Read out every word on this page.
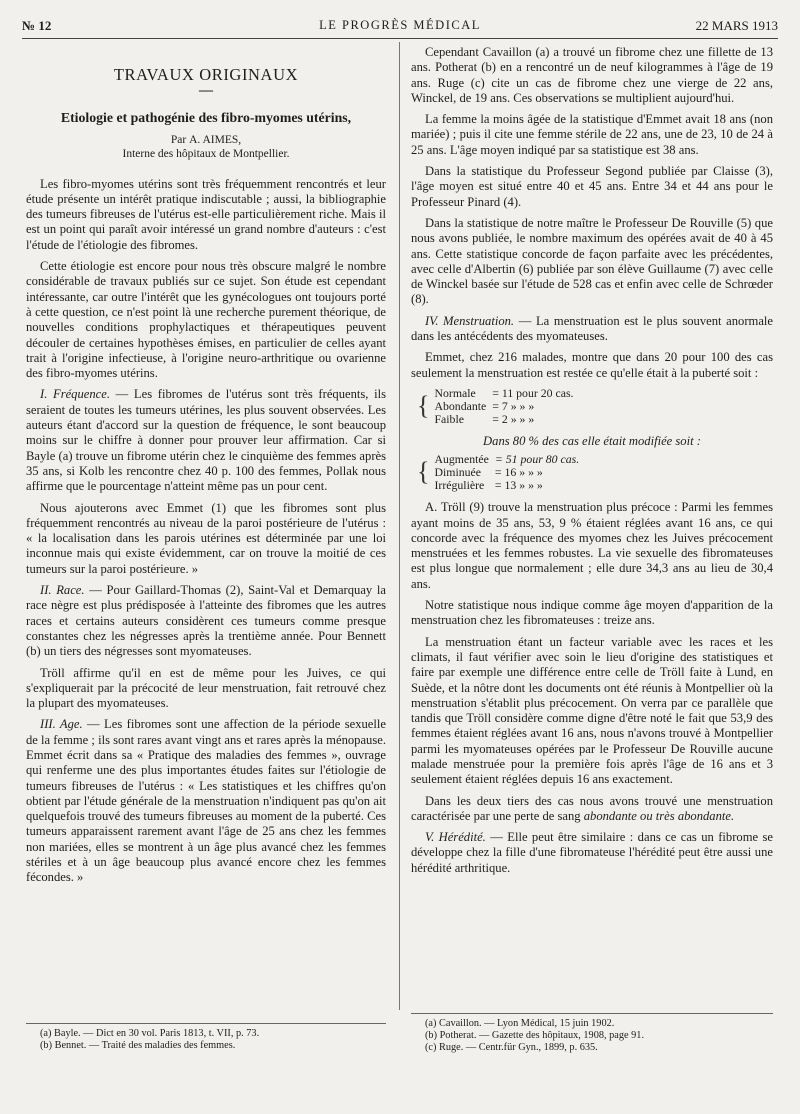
№ 12	LE PROGRÈS MÉDICAL	22 MARS 1913
TRAVAUX ORIGINAUX
—
Etiologie et pathogénie des fibro-myomes utérins,
Par A. AIMES,
Interne des hôpitaux de Montpellier.

Les fibro-myomes utérins sont très fréquemment rencontrés et leur étude présente un intérêt pratique indiscutable ; aussi, la bibliographie des tumeurs fibreuses de l'utérus est-elle particulièrement riche. Mais il est un point qui paraît avoir intéressé un grand nombre d'auteurs : c'est l'étude de l'étiologie des fibromes.

Cette étiologie est encore pour nous très obscure malgré le nombre considérable de travaux publiés sur ce sujet. Son étude est cependant intéressante, car outre l'intérêt que les gynécologues ont toujours porté à cette question, ce n'est point là une recherche purement théorique, de nouvelles conditions prophylactiques et thérapeutiques peuvent découler de certaines hypothèses émises, en particulier de celles ayant trait à l'origine infectieuse, à l'origine neuro-arthritique ou ovarienne des fibro-myomes utérins.

I. Fréquence. — Les fibromes de l'utérus sont très fréquents, ils seraient de toutes les tumeurs utérines, les plus souvent observées. Les auteurs étant d'accord sur la question de fréquence, le sont beaucoup moins sur le chiffre à donner pour prouver leur affirmation. Car si Bayle (a) trouve un fibrome utérin chez le cinquième des femmes après 35 ans, si Kolb les rencontre chez 40 p. 100 des femmes, Pollak nous affirme que le pourcentage n'atteint même pas un pour cent.

Nous ajouterons avec Emmet (1) que les fibromes sont plus fréquemment rencontrés au niveau de la paroi postérieure de l'utérus : « la localisation dans les parois utérines est déterminée par une loi inconnue mais qui existe évidemment, car on trouve la moitié de ces tumeurs sur la paroi postérieure. »

II. Race. — Pour Gaillard-Thomas (2), Saint-Val et Demarquay la race nègre est plus prédisposée à l'atteinte des fibromes que les autres races et certains auteurs considèrent ces tumeurs comme presque constantes chez les négresses après la trentième année. Pour Bennett (b) un tiers des négresses sont myomateuses.

Tröll affirme qu'il en est de même pour les Juives, ce qui s'expliquerait par la précocité de leur menstruation, fait retrouvé chez la plupart des myomateuses.

III. Age. — Les fibromes sont une affection de la période sexuelle de la femme ; ils sont rares avant vingt ans et rares après la ménopause. Emmet écrit dans sa « Pratique des maladies des femmes », ouvrage qui renferme une des plus importantes études faites sur l'étiologie de tumeurs fibreuses de l'utérus : « Les statistiques et les chiffres qu'on obtient par l'étude générale de la menstruation n'indiquent pas qu'on ait quelquefois trouvé des tumeurs fibreuses au moment de la puberté. Ces tumeurs apparaissent rarement avant l'âge de 25 ans chez les femmes non mariées, elles se montrent à un âge plus avancé chez les femmes stériles et à un âge beaucoup plus avancé encore chez les femmes fécondes. »

(a) Bayle. — Dict en 30 vol. Paris 1813, t. VII, p. 73.

(b) Bennet. — Traité des maladies des femmes.

Cependant Cavaillon (a) a trouvé un fibrome chez une fillette de 13 ans. Potherat (b) en a rencontré un de neuf kilogrammes à l'âge de 19 ans. Ruge (c) cite un cas de fibrome chez une vierge de 22 ans, Winckel, de 19 ans. Ces observations se multiplient aujourd'hui.

La femme la moins âgée de la statistique d'Emmet avait 18 ans (non mariée) ; puis il cite une femme stérile de 22 ans, une de 23, 10 de 24 à 25 ans. L'âge moyen indiqué par sa statistique est 38 ans.

Dans la statistique du Professeur Segond publiée par Claisse (3), l'âge moyen est situé entre 40 et 45 ans. Entre 34 et 44 ans pour le Professeur Pinard (4).

Dans la statistique de notre maître le Professeur De Rouville (5) que nous avons publiée, le nombre maximum des opérées avait de 40 à 45 ans. Cette statistique concorde de façon parfaite avec les précédentes, avec celle d'Albertin (6) publiée par son élève Guillaume (7) avec celle de Winckel basée sur l'étude de 528 cas et enfin avec celle de Schrœder (8).

IV. Menstruation. — La menstruation est le plus souvent anormale dans les antécédents des myomateuses.

Emmet, chez 216 malades, montre que dans 20 pour 100 des cas seulement la menstruation est restée ce qu'elle était à la puberté soit :

{	Normale	= 11 pour 20 cas.
	Abondante	= 7 » » »
	Faible	= 2 » » »

Dans 80 % des cas elle était modifiée soit :

{	Augmentée	= 51 pour 80 cas.
	Diminuée	= 16 » » »
	Irrégulière	= 13 » » »

A. Tröll (9) trouve la menstruation plus précoce : Parmi les femmes ayant moins de 35 ans, 53, 9 % étaient réglées avant 16 ans, ce qui concorde avec la fréquence des myomes chez les Juives précocement menstruées et les femmes robustes. La vie sexuelle des fibromateuses est plus longue que normalement ; elle dure 34,3 ans au lieu de 30,4 ans.

Notre statistique nous indique comme âge moyen d'apparition de la menstruation chez les fibromateuses : treize ans.

La menstruation étant un facteur variable avec les races et les climats, il faut vérifier avec soin le lieu d'origine des statistiques et faire par exemple une différence entre celle de Tröll faite à Lund, en Suède, et la nôtre dont les documents ont été réunis à Montpellier où la menstruation s'établit plus précocement. On verra par ce parallèle que tandis que Tröll considère comme digne d'être noté le fait que 53,9 des femmes étaient réglées avant 16 ans, nous n'avons trouvé à Montpellier parmi les myomateuses opérées par le Professeur De Rouville aucune malade menstruée pour la première fois après l'âge de 16 ans et 3 seulement étaient réglées depuis 16 ans exactement.

Dans les deux tiers des cas nous avons trouvé une menstruation caractérisée par une perte de sang abondante ou très abondante.

V. Hérédité. — Elle peut être similaire : dans ce cas un fibrome se développe chez la fille d'une fibromateuse l'hérédité peut être aussi une hérédité arthritique.

(a) Cavaillon. — Lyon Médical, 15 juin 1902.

(b) Potherat. — Gazette des hôpitaux, 1908, page 91.

(c) Ruge. — Centr.für Gyn., 1899, p. 635.
